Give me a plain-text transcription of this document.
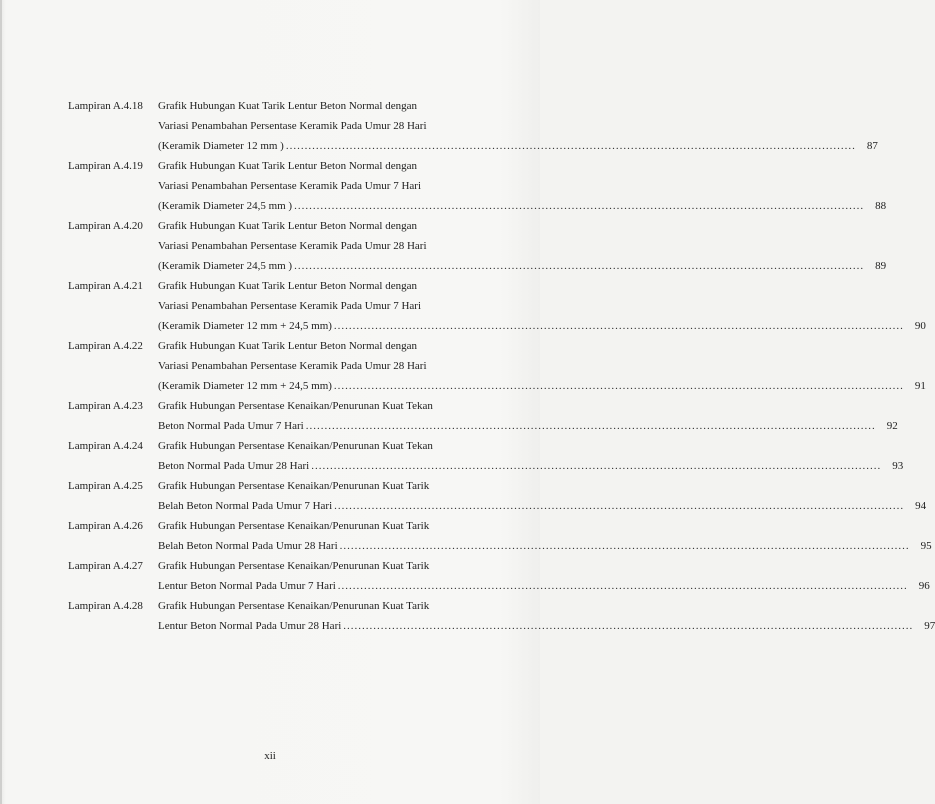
Lampiran A.4.18	Grafik Hubungan Kuat Tarik Lentur Beton Normal dengan
Variasi Penambahan Persentase Keramik Pada Umur 28 Hari
(Keramik Diameter 12 mm ) .....	87
Lampiran A.4.19	Grafik Hubungan Kuat Tarik Lentur Beton Normal dengan
Variasi Penambahan Persentase Keramik Pada Umur 7 Hari
(Keramik Diameter 24,5 mm ) .....	88
Lampiran A.4.20	Grafik Hubungan Kuat Tarik Lentur Beton Normal dengan
Variasi Penambahan Persentase Keramik Pada Umur 28 Hari
(Keramik Diameter 24,5 mm ) .....	89
Lampiran A.4.21	Grafik Hubungan Kuat Tarik Lentur Beton Normal dengan
Variasi Penambahan Persentase Keramik Pada Umur 7 Hari
(Keramik Diameter 12 mm + 24,5 mm) .....	90
Lampiran A.4.22	Grafik Hubungan Kuat Tarik Lentur Beton Normal dengan
Variasi Penambahan Persentase Keramik Pada Umur 28 Hari
(Keramik Diameter 12 mm + 24,5 mm) .....	91
Lampiran A.4.23	Grafik Hubungan Persentase Kenaikan/Penurunan Kuat Tekan
Beton Normal Pada Umur 7 Hari .....	92
Lampiran A.4.24	Grafik Hubungan Persentase Kenaikan/Penurunan Kuat Tekan
Beton Normal Pada Umur 28 Hari .....	93
Lampiran A.4.25	Grafik Hubungan Persentase Kenaikan/Penurunan Kuat Tarik
Belah Beton Normal Pada Umur 7 Hari .....	94
Lampiran A.4.26	Grafik Hubungan Persentase Kenaikan/Penurunan Kuat Tarik
Belah Beton Normal Pada Umur 28 Hari .....	95
Lampiran A.4.27	Grafik Hubungan Persentase Kenaikan/Penurunan Kuat Tarik
Lentur Beton Normal Pada Umur 7 Hari .....	96
Lampiran A.4.28	Grafik Hubungan Persentase Kenaikan/Penurunan Kuat Tarik
Lentur Beton Normal Pada Umur 28 Hari .....	97
xii
